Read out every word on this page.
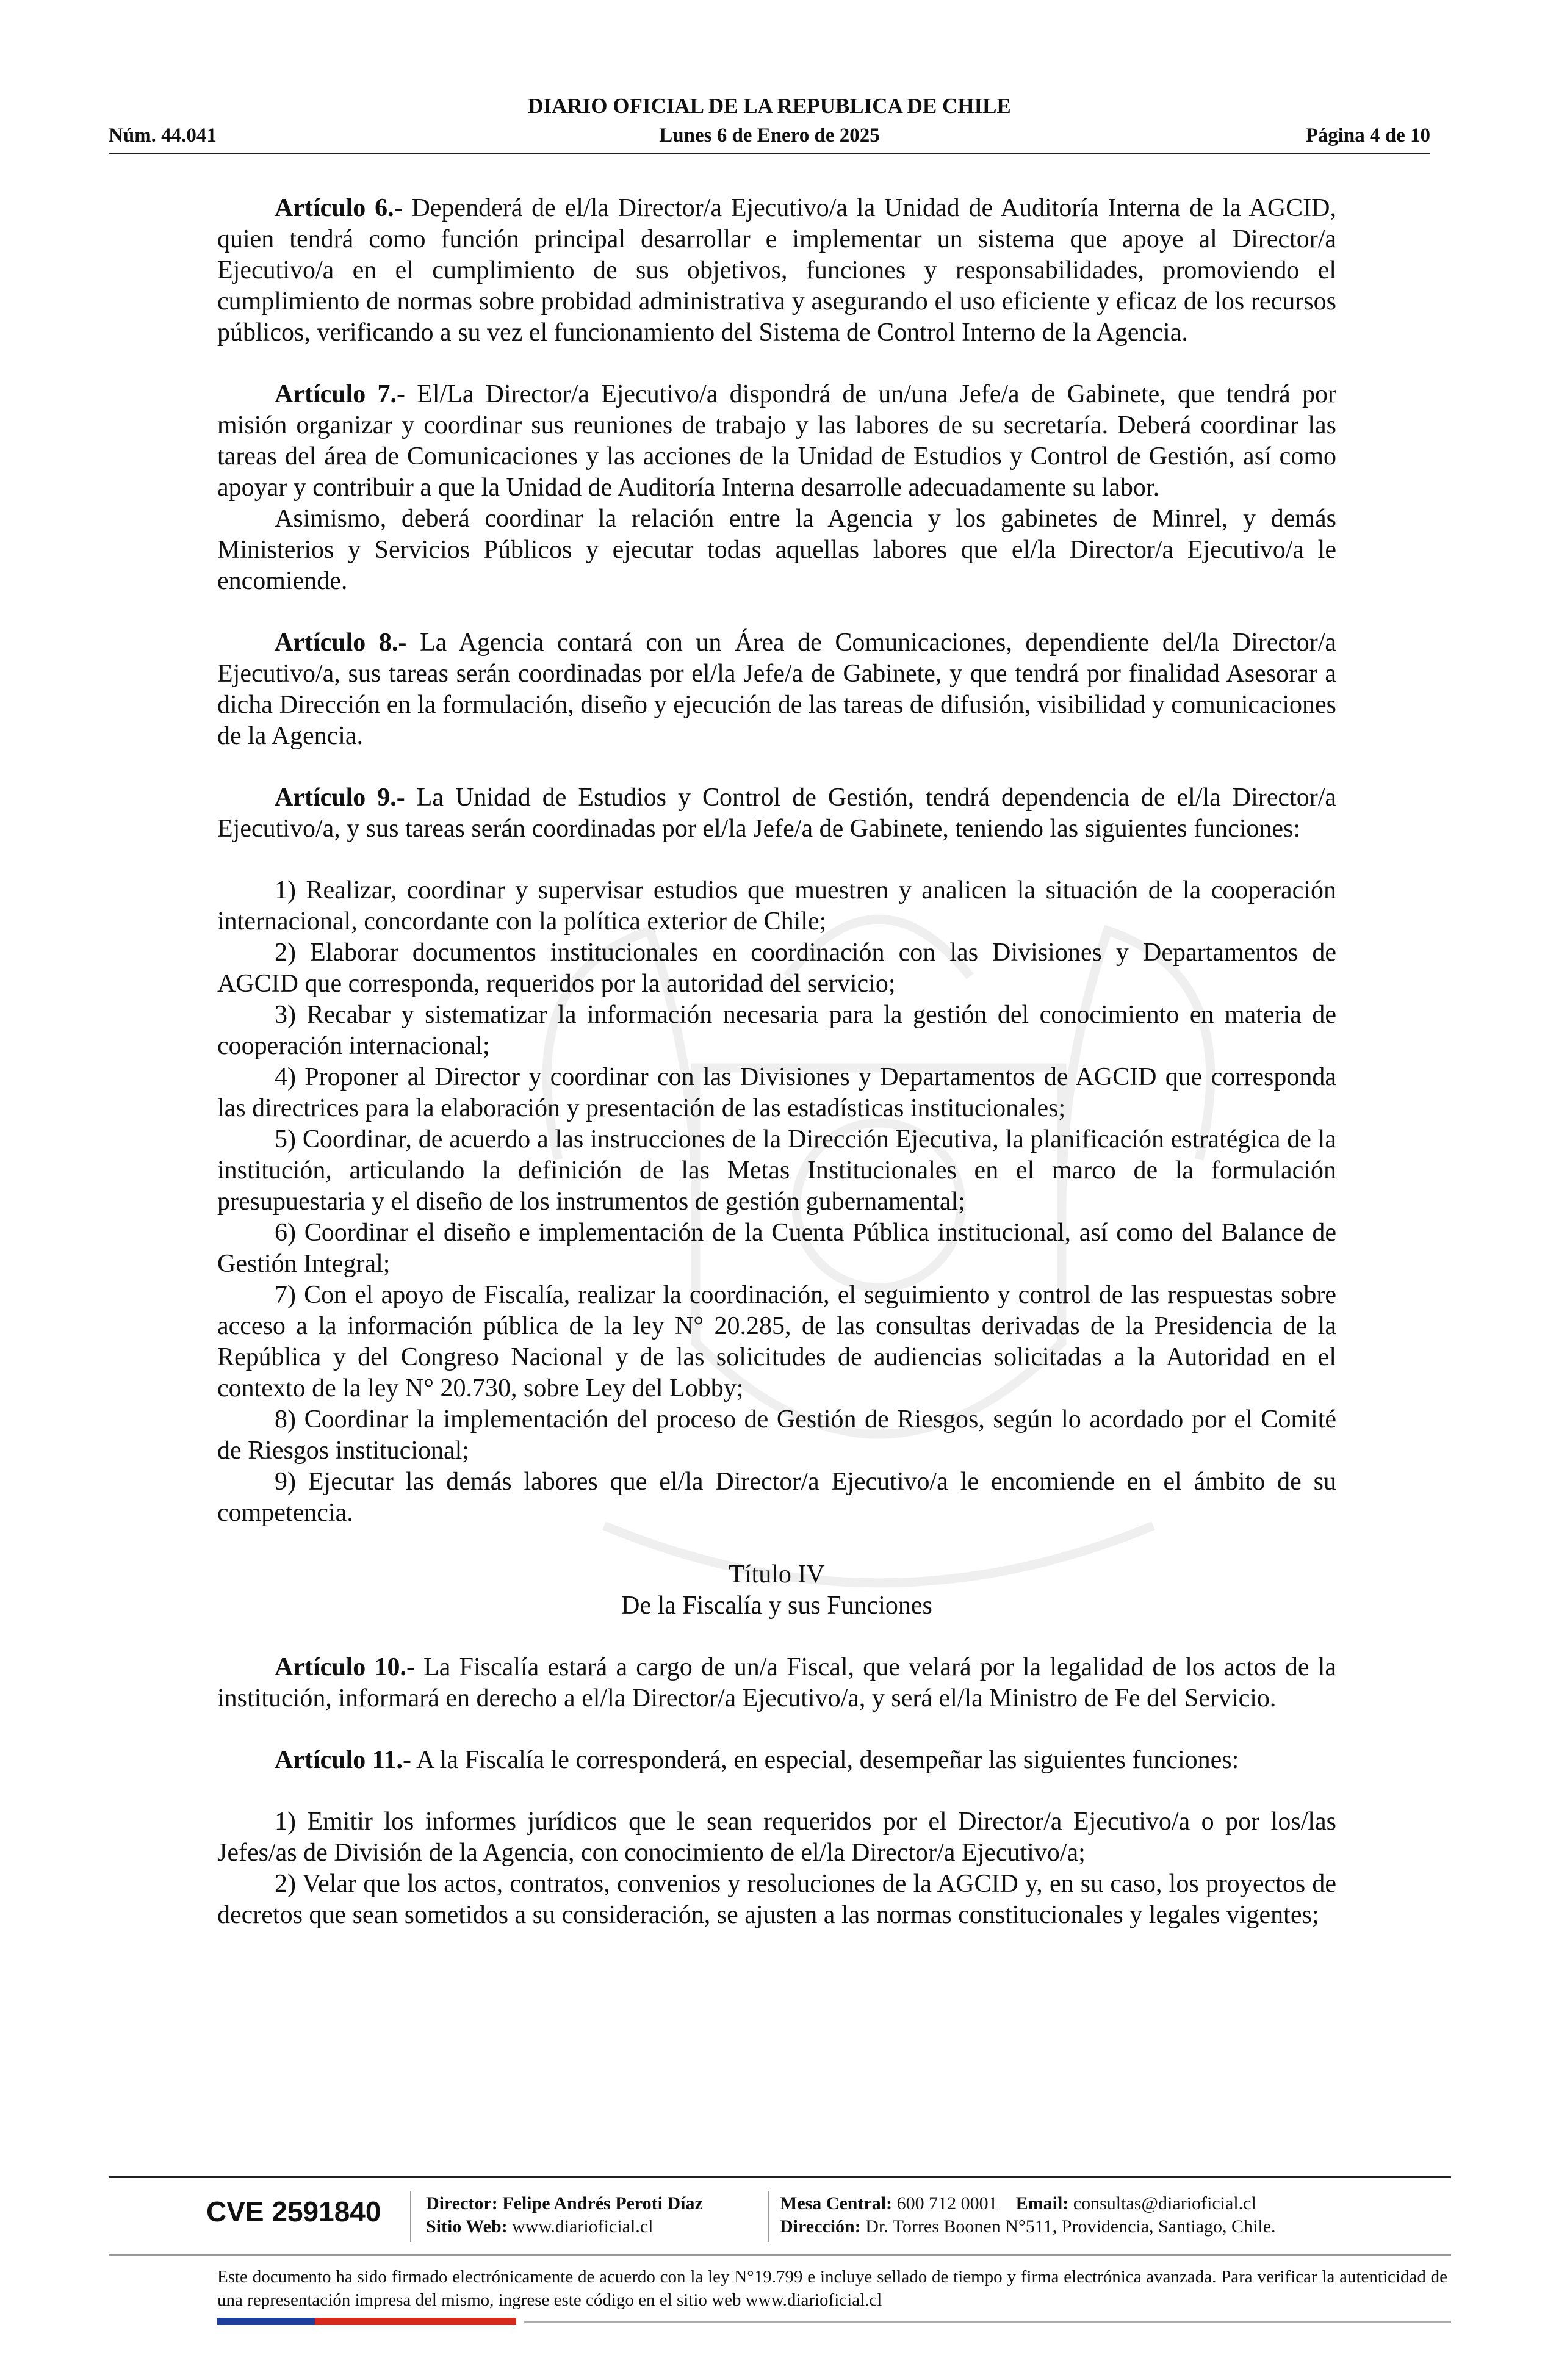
DIARIO OFICIAL DE LA REPUBLICA DE CHILE
Núm. 44.041	Lunes 6 de Enero de 2025	Página 4 de 10

Artículo 6.- Dependerá de el/la Director/a Ejecutivo/a la Unidad de Auditoría Interna de la AGCID, quien tendrá como función principal desarrollar e implementar un sistema que apoye al Director/a Ejecutivo/a en el cumplimiento de sus objetivos, funciones y responsabilidades, promoviendo el cumplimiento de normas sobre probidad administrativa y asegurando el uso eficiente y eficaz de los recursos públicos, verificando a su vez el funcionamiento del Sistema de Control Interno de la Agencia.

Artículo 7.- El/La Director/a Ejecutivo/a dispondrá de un/una Jefe/a de Gabinete, que tendrá por misión organizar y coordinar sus reuniones de trabajo y las labores de su secretaría. Deberá coordinar las tareas del área de Comunicaciones y las acciones de la Unidad de Estudios y Control de Gestión, así como apoyar y contribuir a que la Unidad de Auditoría Interna desarrolle adecuadamente su labor.

Asimismo, deberá coordinar la relación entre la Agencia y los gabinetes de Minrel, y demás Ministerios y Servicios Públicos y ejecutar todas aquellas labores que el/la Director/a Ejecutivo/a le encomiende.

Artículo 8.- La Agencia contará con un Área de Comunicaciones, dependiente del/la Director/a Ejecutivo/a, sus tareas serán coordinadas por el/la Jefe/a de Gabinete, y que tendrá por finalidad Asesorar a dicha Dirección en la formulación, diseño y ejecución de las tareas de difusión, visibilidad y comunicaciones de la Agencia.

Artículo 9.- La Unidad de Estudios y Control de Gestión, tendrá dependencia de el/la Director/a Ejecutivo/a, y sus tareas serán coordinadas por el/la Jefe/a de Gabinete, teniendo las siguientes funciones:

1) Realizar, coordinar y supervisar estudios que muestren y analicen la situación de la cooperación internacional, concordante con la política exterior de Chile;

2) Elaborar documentos institucionales en coordinación con las Divisiones y Departamentos de AGCID que corresponda, requeridos por la autoridad del servicio;

3) Recabar y sistematizar la información necesaria para la gestión del conocimiento en materia de cooperación internacional;

4) Proponer al Director y coordinar con las Divisiones y Departamentos de AGCID que corresponda las directrices para la elaboración y presentación de las estadísticas institucionales;

5) Coordinar, de acuerdo a las instrucciones de la Dirección Ejecutiva, la planificación estratégica de la institución, articulando la definición de las Metas Institucionales en el marco de la formulación presupuestaria y el diseño de los instrumentos de gestión gubernamental;

6) Coordinar el diseño e implementación de la Cuenta Pública institucional, así como del Balance de Gestión Integral;

7) Con el apoyo de Fiscalía, realizar la coordinación, el seguimiento y control de las respuestas sobre acceso a la información pública de la ley N° 20.285, de las consultas derivadas de la Presidencia de la República y del Congreso Nacional y de las solicitudes de audiencias solicitadas a la Autoridad en el contexto de la ley N° 20.730, sobre Ley del Lobby;

8) Coordinar la implementación del proceso de Gestión de Riesgos, según lo acordado por el Comité de Riesgos institucional;

9) Ejecutar las demás labores que el/la Director/a Ejecutivo/a le encomiende en el ámbito de su competencia.

Título IV

De la Fiscalía y sus Funciones

Artículo 10.- La Fiscalía estará a cargo de un/a Fiscal, que velará por la legalidad de los actos de la institución, informará en derecho a el/la Director/a Ejecutivo/a, y será el/la Ministro de Fe del Servicio.

Artículo 11.- A la Fiscalía le corresponderá, en especial, desempeñar las siguientes funciones:

1) Emitir los informes jurídicos que le sean requeridos por el Director/a Ejecutivo/a o por los/las Jefes/as de División de la Agencia, con conocimiento de el/la Director/a Ejecutivo/a;

2) Velar que los actos, contratos, convenios y resoluciones de la AGCID y, en su caso, los proyectos de decretos que sean sometidos a su consideración, se ajusten a las normas constitucionales y legales vigentes;

CVE 2591840 Director: Felipe Andrés Peroti Díaz
Sitio Web: www.diarioficial.cl
Mesa Central: 600 712 0001 Email: consultas@diarioficial.cl
Dirección: Dr. Torres Boonen N°511, Providencia, Santiago, Chile.
Este documento ha sido firmado electrónicamente de acuerdo con la ley N°19.799 e incluye sellado de tiempo y firma electrónica avanzada. Para verificar la autenticidad de una representación impresa del mismo, ingrese este código en el sitio web www.diarioficial.cl
